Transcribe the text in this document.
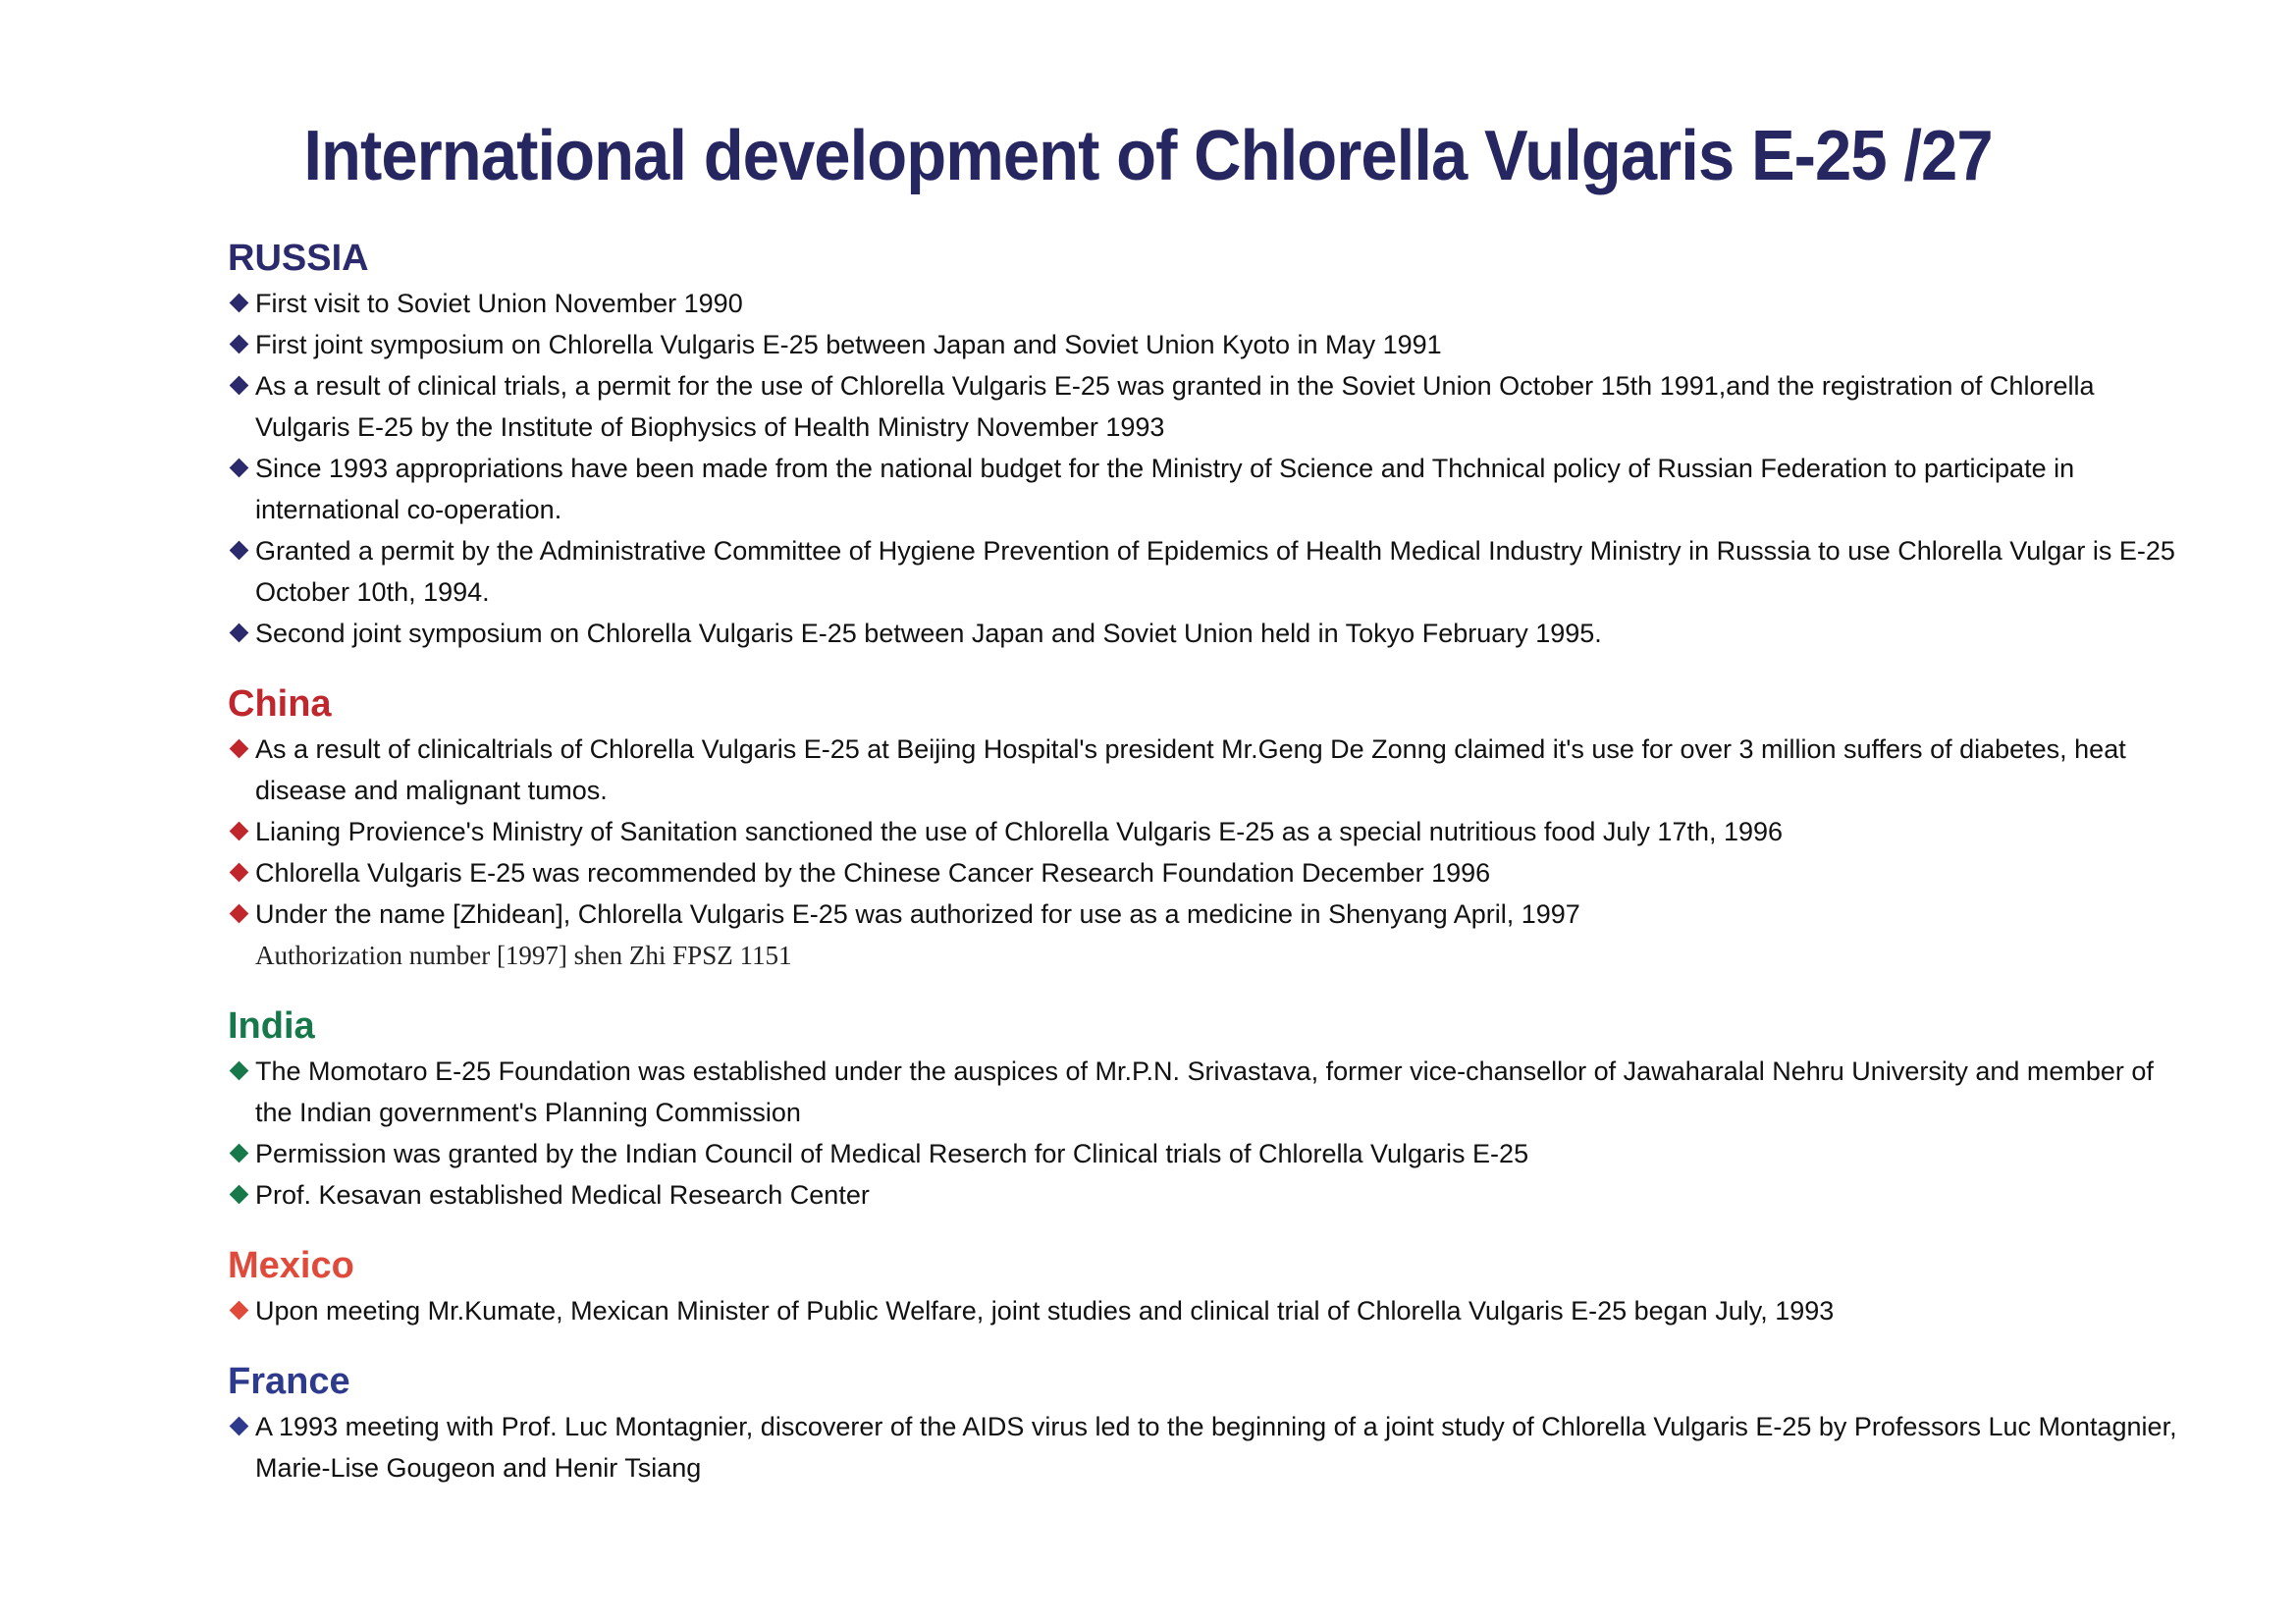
International development of Chlorella Vulgaris E-25 /27
RUSSIA
First visit to Soviet Union November 1990
First joint symposium on Chlorella Vulgaris E-25 between Japan and Soviet Union Kyoto in May 1991
As a result of clinical trials, a permit for the use of Chlorella Vulgaris E-25 was granted in the Soviet Union October 15th 1991,and the registration of Chlorella Vulgaris E-25 by the Institute of Biophysics of Health Ministry November 1993
Since 1993 appropriations have been made from the national budget for the Ministry of Science and Thchnical policy of Russian Federation to participate in international co-operation.
Granted a permit by the Administrative Committee of Hygiene Prevention of Epidemics of Health Medical Industry Ministry in Russsia to use Chlorella Vulgar is E-25 October 10th, 1994.
Second joint symposium on Chlorella Vulgaris E-25 between Japan and Soviet Union held in Tokyo February 1995.
China
As a result of clinicaltrials of Chlorella Vulgaris E-25 at Beijing Hospital's president Mr.Geng De Zonng claimed it's use for over 3 million suffers of diabetes, heat disease and malignant tumos.
Lianing Provience's Ministry of Sanitation sanctioned the use of Chlorella Vulgaris E-25 as a special nutritious food July 17th, 1996
Chlorella Vulgaris E-25 was recommended by the Chinese Cancer Research Foundation December 1996
Under the name [Zhidean], Chlorella Vulgaris E-25 was authorized for use as a medicine in Shenyang April, 1997
Authorization number [1997] shen Zhi FPSZ 1151
India
The Momotaro E-25 Foundation was established under the auspices of Mr.P.N. Srivastava, former vice-chansellor of Jawaharalal Nehru University and member of the Indian government's Planning Commission
Permission was granted by the Indian Council of Medical Reserch for Clinical trials of Chlorella Vulgaris E-25
Prof. Kesavan established Medical Research Center
Mexico
Upon meeting Mr.Kumate, Mexican Minister of Public Welfare, joint studies and clinical trial of Chlorella Vulgaris E-25 began July, 1993
France
A 1993 meeting with Prof. Luc Montagnier, discoverer of the AIDS virus led to the beginning of a joint study of Chlorella Vulgaris E-25 by Professors Luc Montagnier, Marie-Lise Gougeon and Henir Tsiang
